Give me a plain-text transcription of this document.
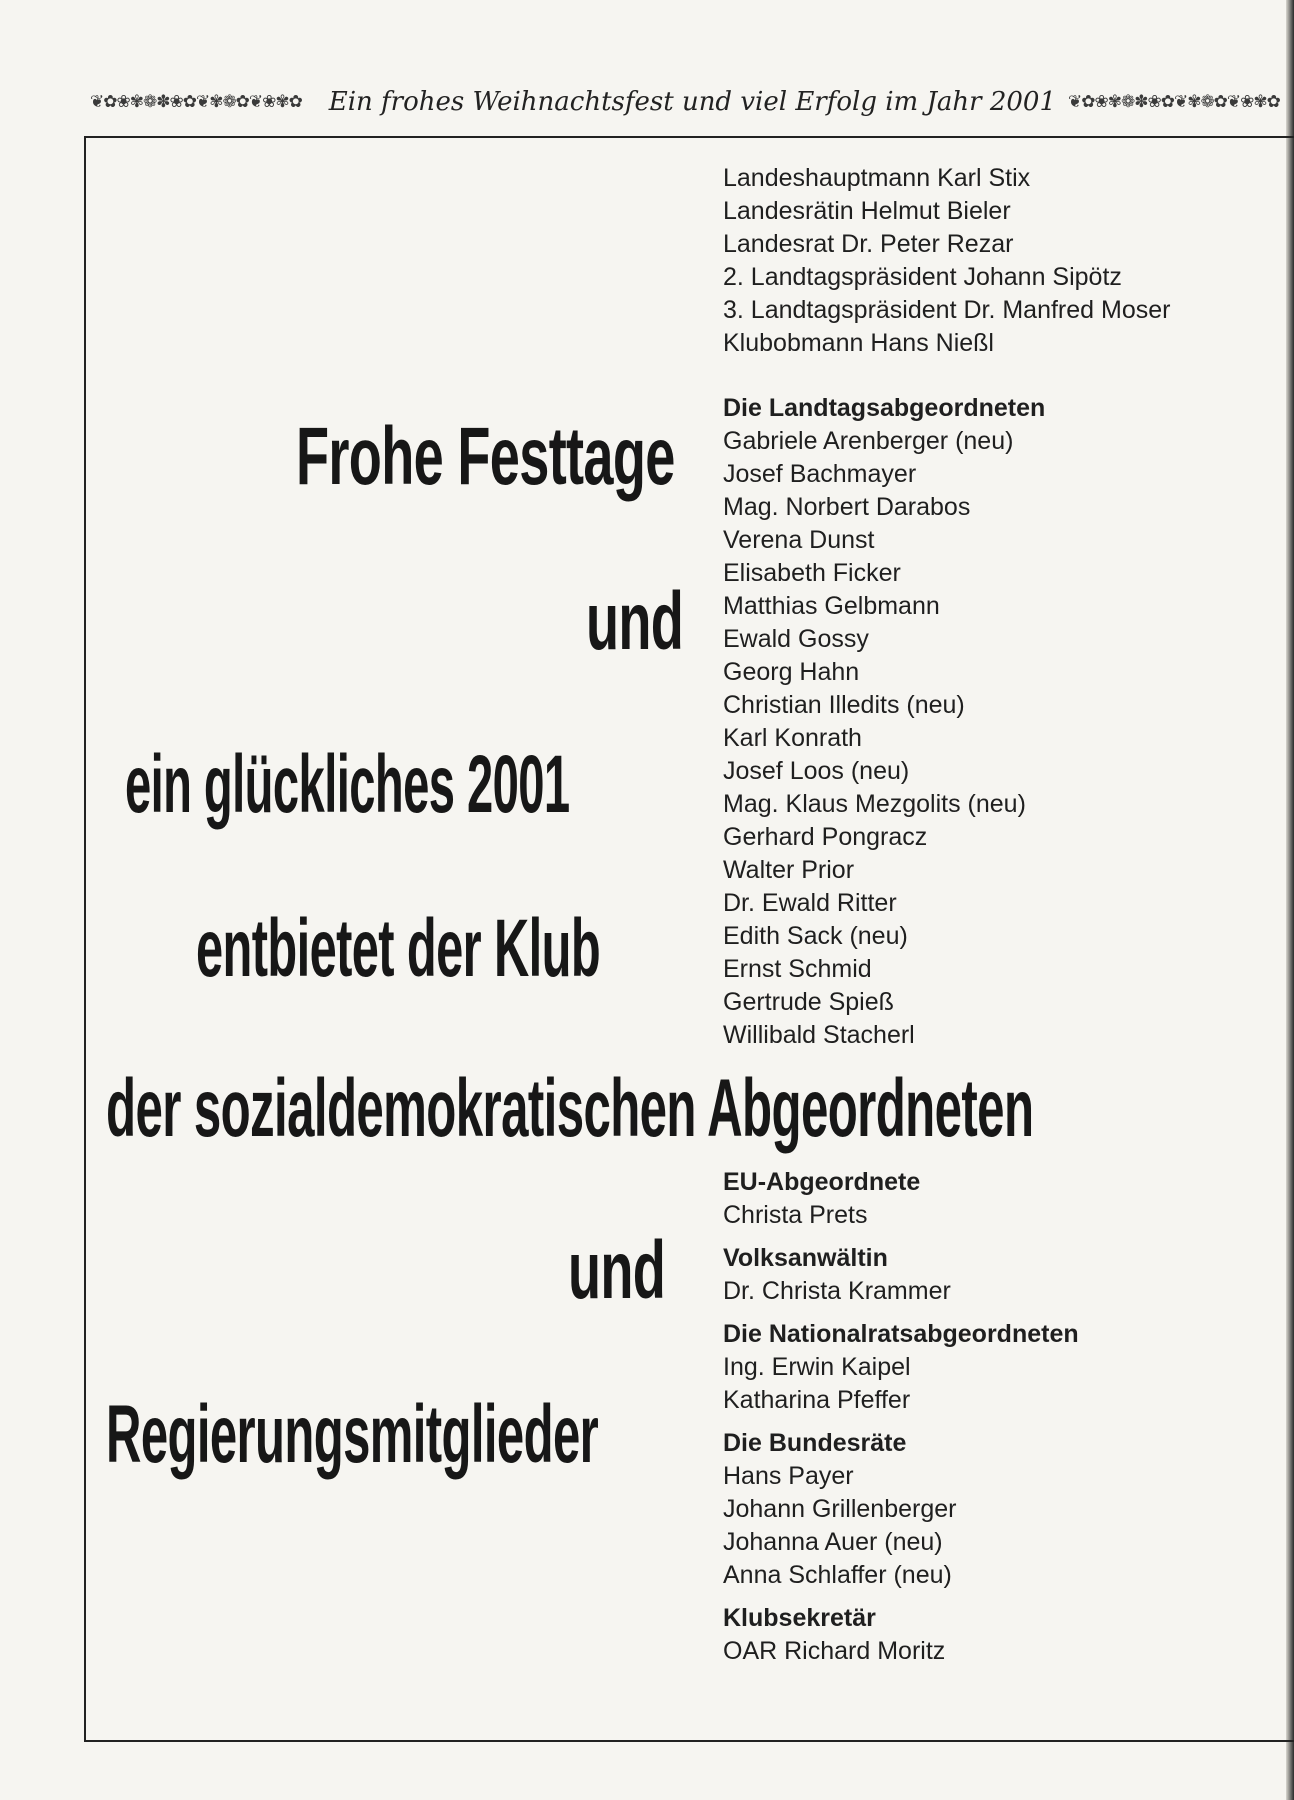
❦✿❀✾❁✽❀✿❦✾❁✿❦❀✾✿	Ein frohes Weihnachtsfest und viel Erfolg im Jahr 2001 ❦✿❀✾❁✽❀✿❦✾❁✿❦❀✾✿
Frohe Festtage
und
ein glückliches 2001
entbietet der Klub
der sozialdemokratischen Abgeordneten
und
Regierungsmitglieder
Landeshauptmann Karl Stix
Landesrätin Helmut Bieler
Landesrat Dr. Peter Rezar
2. Landtagspräsident Johann Sipötz
3. Landtagspräsident Dr. Manfred Moser
Klubobmann Hans Nießl
Die Landtagsabgeordneten
Gabriele Arenberger (neu)
Josef Bachmayer
Mag. Norbert Darabos
Verena Dunst
Elisabeth Ficker
Matthias Gelbmann
Ewald Gossy
Georg Hahn
Christian Illedits (neu)
Karl Konrath
Josef Loos (neu)
Mag. Klaus Mezgolits (neu)
Gerhard Pongracz
Walter Prior
Dr. Ewald Ritter
Edith Sack (neu)
Ernst Schmid
Gertrude Spieß
Willibald Stacherl
EU-Abgeordnete
Christa Prets
Volksanwältin
Dr. Christa Krammer
Die Nationalratsabgeordneten
Ing. Erwin Kaipel
Katharina Pfeffer
Die Bundesräte
Hans Payer
Johann Grillenberger
Johanna Auer (neu)
Anna Schlaffer (neu)
Klubsekretär
OAR Richard Moritz
